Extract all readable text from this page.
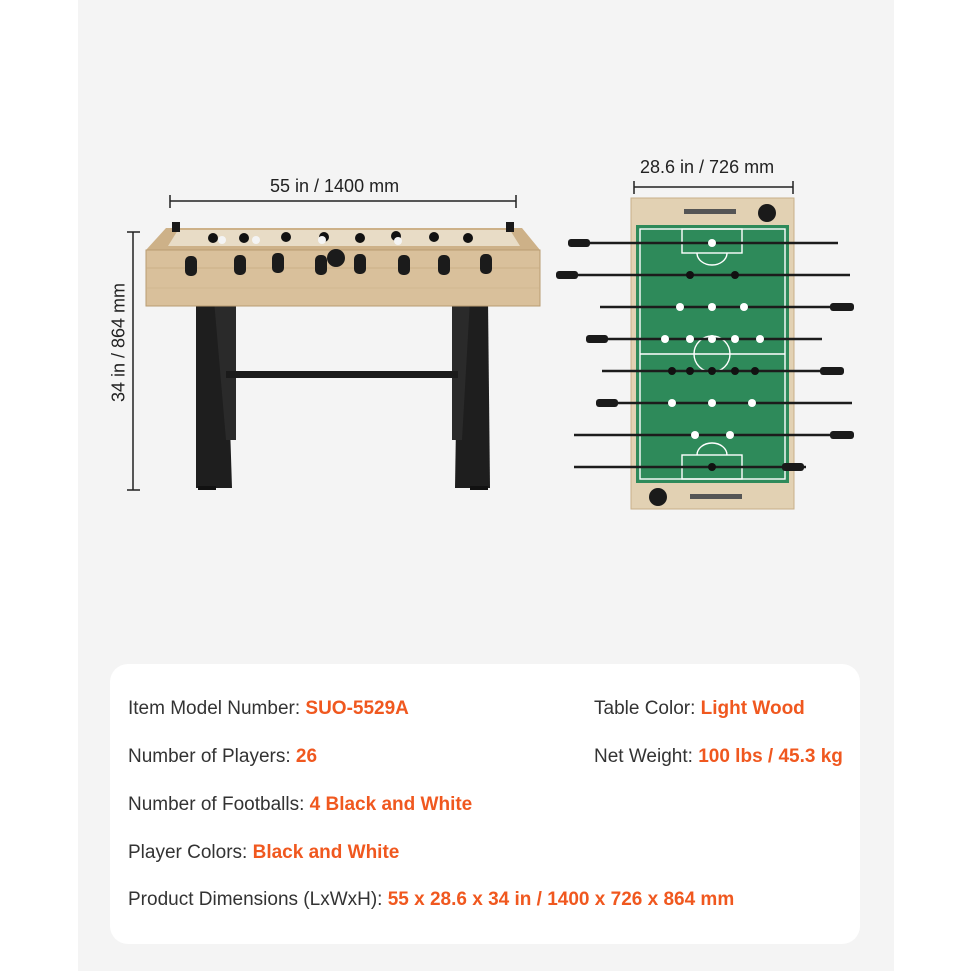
55 in / 1400 mm
28.6 in / 726 mm
34 in / 864 mm
Item Model Number: SUO-5529A	Table Color: Light Wood
Number of Players: 26	Net Weight: 100 lbs / 45.3 kg
Number of Footballs: 4 Black and White
Player Colors: Black and White
Product Dimensions (LxWxH): 55 x 28.6 x 34 in / 1400 x 726 x 864 mm
